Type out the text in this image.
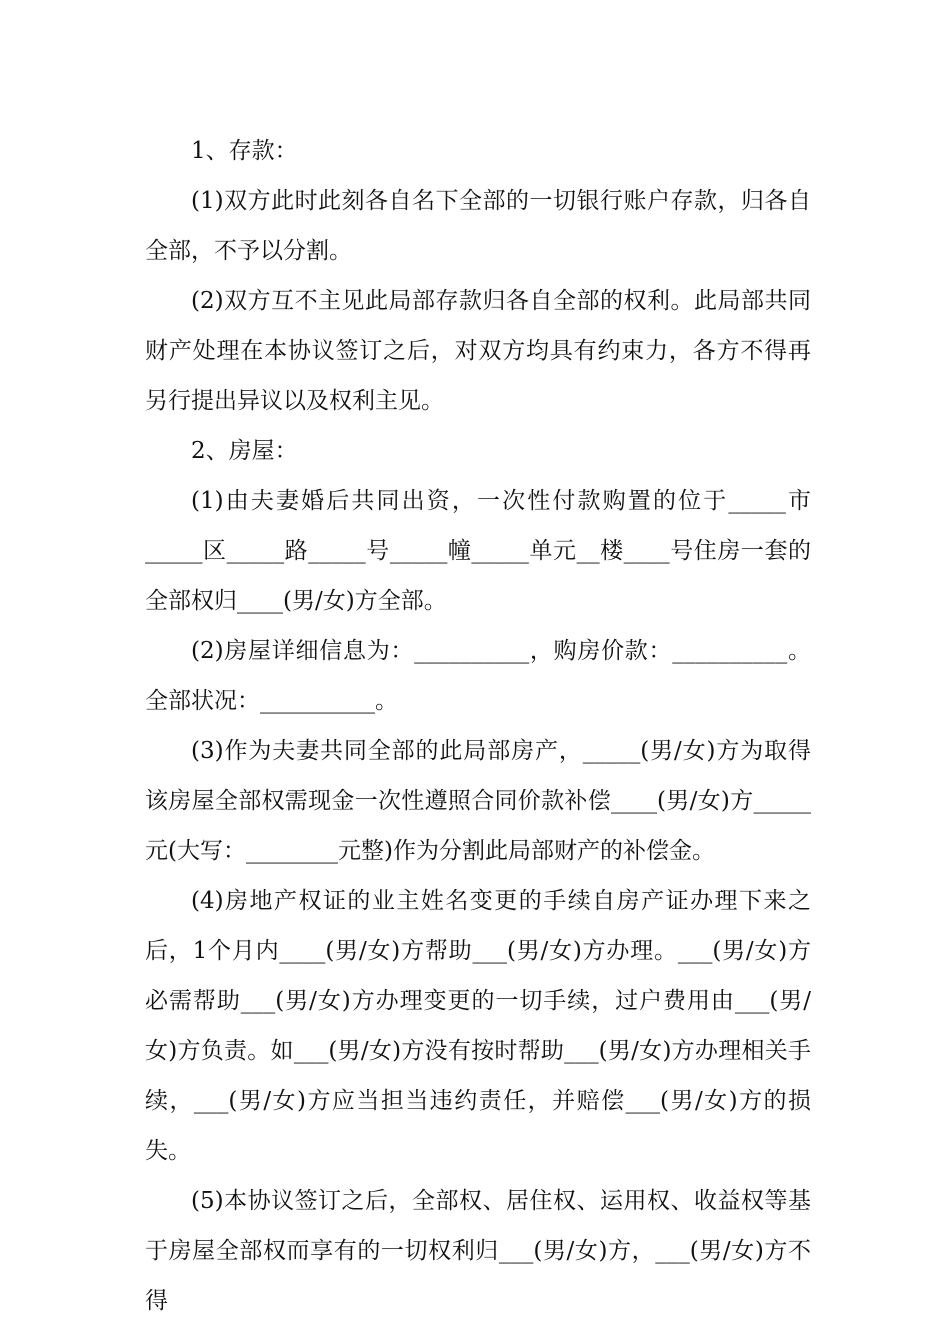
1、存款：

(1)双方此时此刻各自名下全部的一切银行账户存款，归各自全部，不予以分割。

(2)双方互不主见此局部存款归各自全部的权利。此局部共同财产处理在本协议签订之后，对双方均具有约束力，各方不得再另行提出异议以及权利主见。

2、房屋：

(1)由夫妻婚后共同出资，一次性付款购置的位于_____市_____区_____路_____号_____幢_____单元__楼____号住房一套的全部权归____(男/女)方全部。

(2)房屋详细信息为：__________，购房价款：__________。全部状况：__________。

(3)作为夫妻共同全部的此局部房产，_____(男/女)方为取得该房屋全部权需现金一次性遵照合同价款补偿____(男/女)方_____元(大写：________元整)作为分割此局部财产的补偿金。

(4)房地产权证的业主姓名变更的手续自房产证办理下来之后，1个月内____(男/女)方帮助___(男/女)方办理。___(男/女)方必需帮助___(男/女)方办理变更的一切手续，过户费用由___(男/女)方负责。如___(男/女)方没有按时帮助___(男/女)方办理相关手续，___(男/女)方应当担当违约责任，并赔偿___(男/女)方的损失。

(5)本协议签订之后，全部权、居住权、运用权、收益权等基于房屋全部权而享有的一切权利归___(男/女)方，___(男/女)方不得
